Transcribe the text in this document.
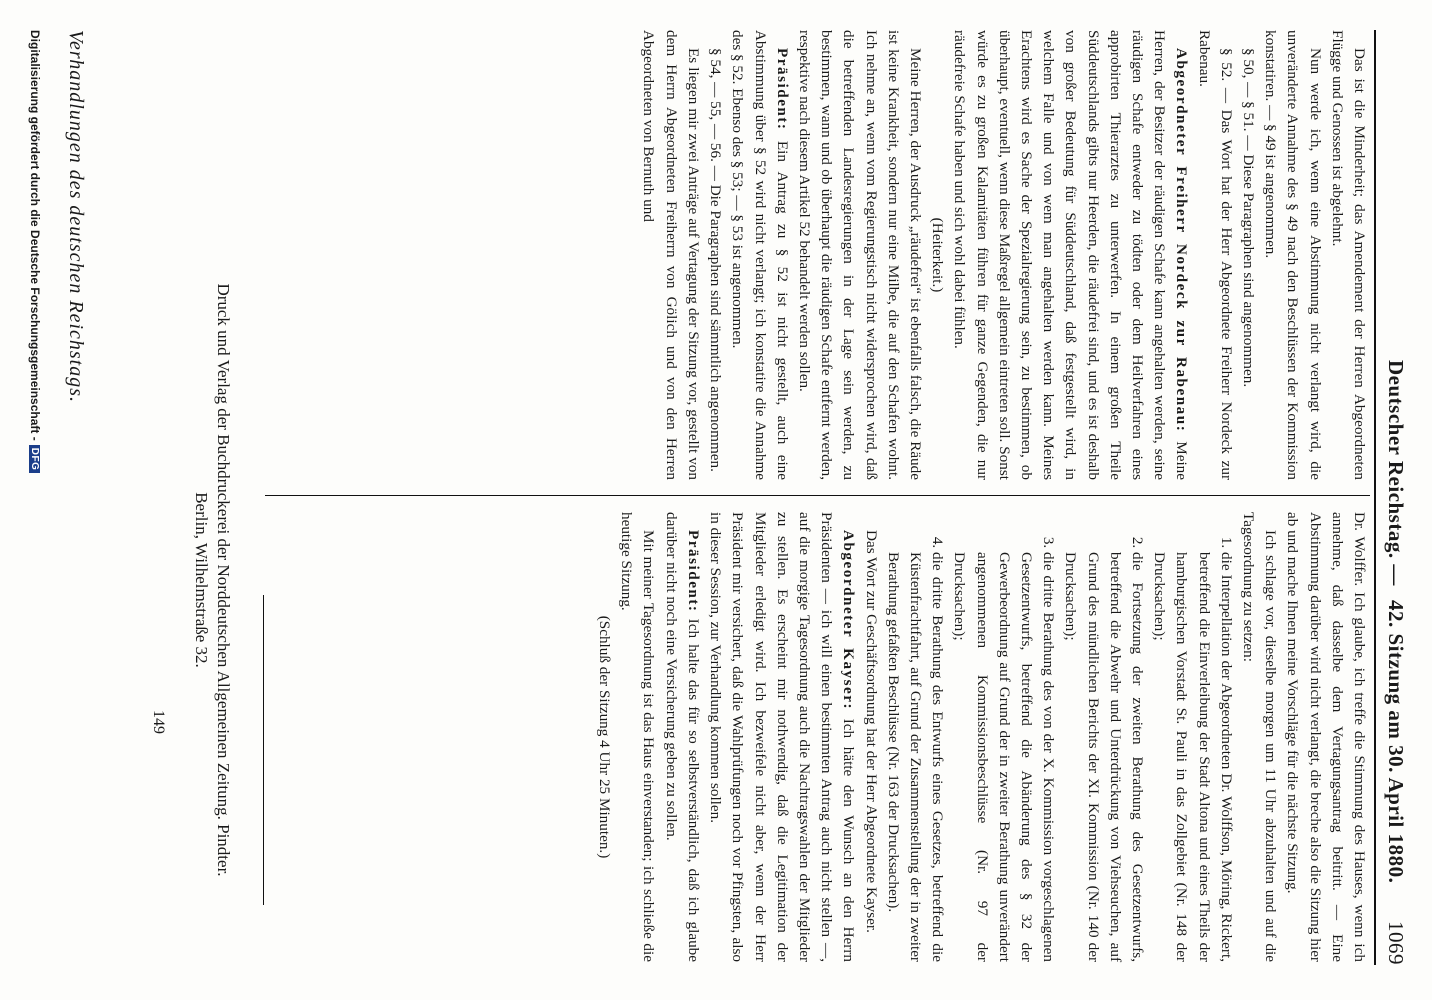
Deutscher Reichstag. —
42. Sitzung am 30. April 1880.
1069

Das ist die Minderheit; das Amendement der Herren Abgeordneten Flügge und Genossen ist abgelehnt.

Nun werde ich, wenn eine Abstimmung nicht verlangt wird, die unveränderte Annahme des § 49 nach den Beschlüssen der Kommission konstatiren. — § 49 ist angenommen.

§ 50, — § 51. — Diese Paragraphen sind angenommen.

§ 52. — Das Wort hat der Herr Abgeordnete Freiherr Nordeck zur Rabenau.

Abgeordneter Freiherr Nordeck zur Rabenau: Meine Herren, der Besitzer der räudigen Schafe kann angehalten werden, seine räudigen Schafe entweder zu tödten oder dem Heilverfahren eines approbirten Thierarztes zu unterwerfen. In einem großen Theile Süddeutschlands gibts nur Heerden, die räudefrei sind, und es ist deshalb von großer Bedeutung für Süddeutschland, daß festgestellt wird, in welchem Falle und von wem man angehalten werden kann. Meines Erachtens wird es Sache der Spezialregierung sein, zu bestimmen, ob überhaupt, eventuell, wenn diese Maßregel allgemein eintreten soll. Sonst würde es zu großen Kalamitäten führen für ganze Gegenden, die nur räudefreie Schafe haben und sich wohl dabei fühlen.

(Heiterkeit.)

Meine Herren, der Ausdruck „räudefrei“ ist ebenfalls falsch, die Räude ist keine Krankheit, sondern nur eine Milbe, die auf den Schafen wohnt. Ich nehme an, wenn vom Regierungstisch nicht widersprochen wird, daß die betreffenden Landesregierungen in der Lage sein werden, zu bestimmen, wann und ob überhaupt die räudigen Schafe entfernt werden, respektive nach diesem Artikel 52 behandelt werden sollen.

Präsident: Ein Antrag zu § 52 ist nicht gestellt, auch eine Abstimmung über § 52 wird nicht verlangt; ich konstatire die Annahme des § 52. Ebenso des § 53; — § 53 ist angenommen.

§ 54, — 55, — 56. — Die Paragraphen sind sämmtlich angenommen.

Es liegen mir zwei Anträge auf Vertagung der Sitzung vor, gestellt von dem Herrn Abgeordneten Freiherrn von Gölich und von den Herren Abgeordneten von Bernuth und

Dr. Wolffer. Ich glaube, ich treffe die Stimmung des Hauses, wenn ich annehme, daß dasselbe dem Vertagungsantrag beitritt. — Eine Abstimmung darüber wird nicht verlangt, die breche also die Sitzung hier ab und mache Ihnen meine Vorschläge für die nächste Sitzung.

Ich schlage vor, dieselbe morgen um 11 Uhr abzuhalten und auf die Tagesordnung zu setzen:

1. die Interpellation der Abgeordneten Dr. Wolffson, Möring, Rickert, betreffend die Einverleibung der Stadt Altona und eines Theils der hamburgischen Vorstadt St. Pauli in das Zollgebiet (Nr. 148 der Drucksachen);
2. die Fortsetzung der zweiten Berathung des Gesetzentwurfs, betreffend die Abwehr und Unterdrückung von Viehseuchen, auf Grund des mündlichen Berichts der XI. Kommission (Nr. 140 der Drucksachen);
3. die dritte Berathung des von der X. Kommission vorgeschlagenen Gesetzentwurfs, betreffend die Abänderung des § 32 der Gewerbeordnung auf Grund der in zweiter Berathung unverändert angenommenen Kommissionsbeschlüsse (Nr. 97 der Drucksachen);
4. die dritte Berathung des Entwurfs eines Gesetzes, betreffend die Küstenfrachtfahrt, auf Grund der Zusammenstellung der in zweiter Berathung gefaßten Beschlüsse (Nr. 163 der Drucksachen).

Das Wort zur Geschäftsordnung hat der Herr Abgeordnete Kayser.

Abgeordneter Kayser: Ich hätte den Wunsch an den Herrn Präsidenten — ich will einen bestimmten Antrag auch nicht stellen —, auf die morgige Tagesordnung auch die Nachtragswahlen der Mitglieder zu stellen. Es erscheint mir nothwendig, daß die Legitimation der Mitglieder erledigt wird. Ich bezweifele nicht aber, wenn der Herr Präsident mir versichert, daß die Wahlprüfungen noch vor Pfingsten, also in dieser Session, zur Verhandlung kommen sollen.

Präsident: Ich halte das für so selbstverständlich, daß ich glaube darüber nicht noch eine Versicherung geben zu sollen.

Mit meiner Tagesordnung ist das Haus einverstanden; ich schließe die heutige Sitzung.

(Schluß der Sitzung 4 Uhr 25 Minuten.)

Druck und Verlag der Buchdruckerei der Norddeutschen Allgemeinen Zeitung. Pindter.
Berlin, Wilhelmstraße 32.
149
Verhandlungen des deutschen Reichstags.
Digitalisierung gefördert durch die Deutsche Forschungsgemeinschaft -DFG
